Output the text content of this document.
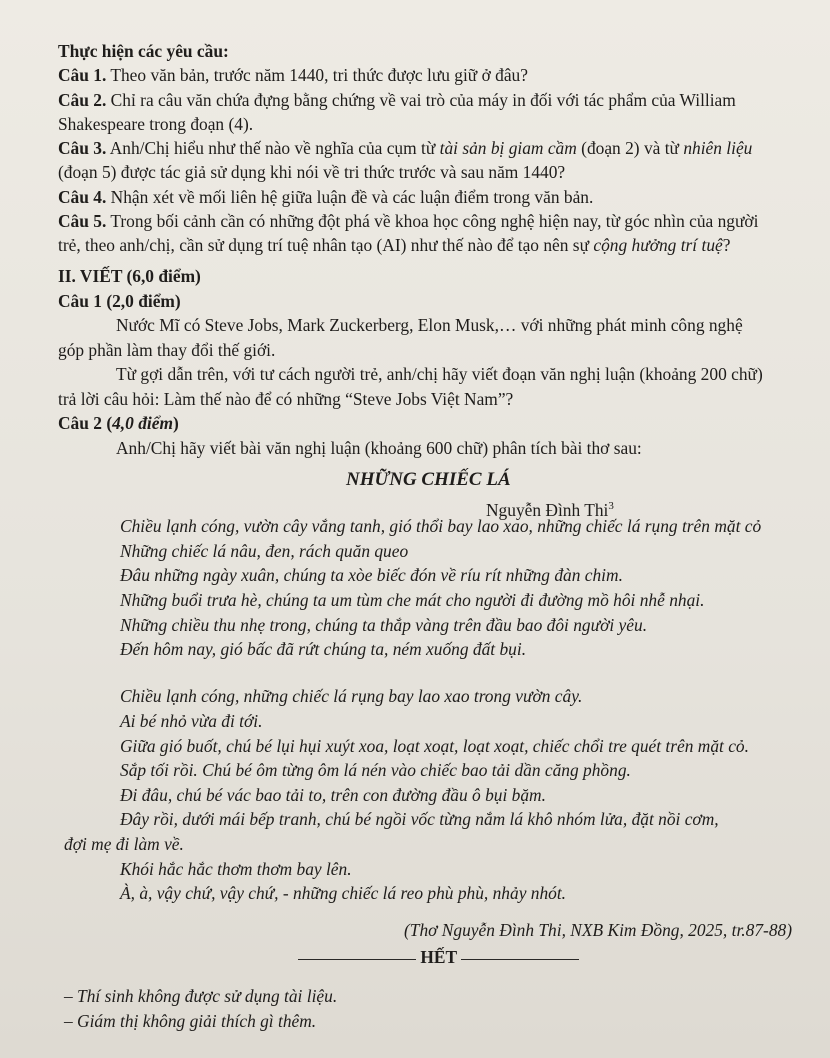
Thực hiện các yêu cầu:
Câu 1. Theo văn bản, trước năm 1440, tri thức được lưu giữ ở đâu?
Câu 2. Chỉ ra câu văn chứa đựng bằng chứng về vai trò của máy in đối với tác phẩm của William
Shakespeare trong đoạn (4).
Câu 3. Anh/Chị hiểu như thế nào về nghĩa của cụm từ tài sản bị giam cầm (đoạn 2) và từ nhiên liệu
(đoạn 5) được tác giả sử dụng khi nói về tri thức trước và sau năm 1440?
Câu 4. Nhận xét về mối liên hệ giữa luận đề và các luận điểm trong văn bản.
Câu 5. Trong bối cảnh cần có những đột phá về khoa học công nghệ hiện nay, từ góc nhìn của người
trẻ, theo anh/chị, cần sử dụng trí tuệ nhân tạo (AI) như thế nào để tạo nên sự cộng hưởng trí tuệ?
II. VIẾT (6,0 điểm)
Câu 1 (2,0 điểm)
Nước Mĩ có Steve Jobs, Mark Zuckerberg, Elon Musk,… với những phát minh công nghệ
góp phần làm thay đổi thế giới.
Từ gợi dẫn trên, với tư cách người trẻ, anh/chị hãy viết đoạn văn nghị luận (khoảng 200 chữ)
trả lời câu hỏi: Làm thế nào để có những “Steve Jobs Việt Nam”?
Câu 2 (4,0 điểm)
Anh/Chị hãy viết bài văn nghị luận (khoảng 600 chữ) phân tích bài thơ sau:
NHỮNG CHIẾC LÁ
Nguyễn Đình Thi$^3$
Chiều lạnh cóng, vườn cây vắng tanh, gió thổi bay lao xao, những chiếc lá rụng trên mặt cỏ
Những chiếc lá nâu, đen, rách quăn queo
Đâu những ngày xuân, chúng ta xòe biếc đón về ríu rít những đàn chim.
Những buổi trưa hè, chúng ta um tùm che mát cho người đi đường mồ hôi nhễ nhại.
Những chiều thu nhẹ trong, chúng ta thắp vàng trên đầu bao đôi người yêu.
Đến hôm nay, gió bấc đã rứt chúng ta, ném xuống đất bụi.
Chiều lạnh cóng, những chiếc lá rụng bay lao xao trong vườn cây.
Ai bé nhỏ vừa đi tới.
Giữa gió buốt, chú bé lụi hụi xuýt xoa, loạt xoạt, loạt xoạt, chiếc chổi tre quét trên mặt cỏ.
Sắp tối rồi. Chú bé ôm từng ôm lá nén vào chiếc bao tải dần căng phồng.
Đi đâu, chú bé vác bao tải to, trên con đường đầu ô bụi bặm.
Đây rồi, dưới mái bếp tranh, chú bé ngồi vốc từng nắm lá khô nhóm lửa, đặt nồi cơm,
đợi mẹ đi làm về.
Khói hắc hắc thơm thơm bay lên.
À, à, vậy chứ, vậy chứ, - những chiếc lá reo phù phù, nhảy nhót.
(Thơ Nguyễn Đình Thi, NXB Kim Đồng, 2025, tr.87-88)
HẾT
– Thí sinh không được sử dụng tài liệu.
– Giám thị không giải thích gì thêm.
